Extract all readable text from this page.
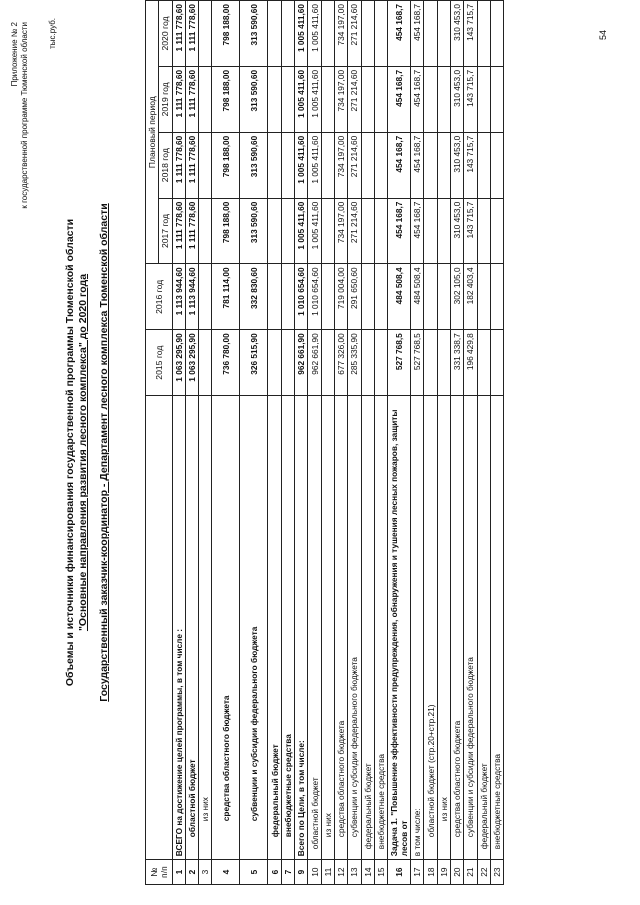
Приложение № 2 к государственной программе Тюменской области тыс.руб.
Объемы и источники финансирования государственной программы Тюменской области "Основные направления развития лесного комплекса" до 2020 года Государственный заказчик-координатор - Департамент лесного комплекса Тюменской области
№ п/п		2015 год	2016 год	Плановый период			
				2017 год	2018 год	2019 год	2020 год
1	ВСЕГО на достижение целей программы, в том числе :	1 063 295,90	1 113 944,60	1 111 778,60	1 111 778,60	1 111 778,60	1 111 778,60
2	областной бюджет	1 063 295,90	1 113 944,60	1 111 778,60	1 111 778,60	1 111 778,60	1 111 778,60
3	из них						
4	средства областного бюджета	736 780,00	781 114,00	798 188,00	798 188,00	798 188,00	798 188,00
5	субвенции и субсидии федерального бюджета	326 515,90	332 830,60	313 590,60	313 590,60	313 590,60	313 590,60
6	федеральный бюджет						
7	внебюджетные средства						
9	Всего по Цели, в том числе:	962 661,90	1 010 654,60	1 005 411,60	1 005 411,60	1 005 411,60	1 005 411,60
10	областной бюджет	962 661,90	1 010 654,60	1 005 411,60	1 005 411,60	1 005 411,60	1 005 411,60
11	из них						
12	средства областного бюджета	677 326,00	719 004,00	734 197,00	734 197,00	734 197,00	734 197,00
13	субвенции и субсидии федерального бюджета	285 335,90	291 650,60	271 214,60	271 214,60	271 214,60	271 214,60
14	федеральный бюджет						
15	внебюджетные средства						
16	Задача 1. "Повышение эффективности предупреждения, обнаружения и тушения лесных пожаров, защиты лесов от	527 768,5	484 508,4	454 168,7	454 168,7	454 168,7	454 168,7
17	в том числе:	527 768,5	484 508,4	454 168,7	454 168,7	454 168,7	454 168,7
18	областной бюджет (стр.20+стр.21)						
19	из них						
20	средства областного бюджета	331 338,7	302 105,0	310 453,0	310 453,0	310 453,0	310 453,0
21	субвенции и субсидии федерального бюджета	196 429,8	182 403,4	143 715,7	143 715,7	143 715,7	143 715,7
22	федеральный бюджет						
23	внебюджетные средства						
54
